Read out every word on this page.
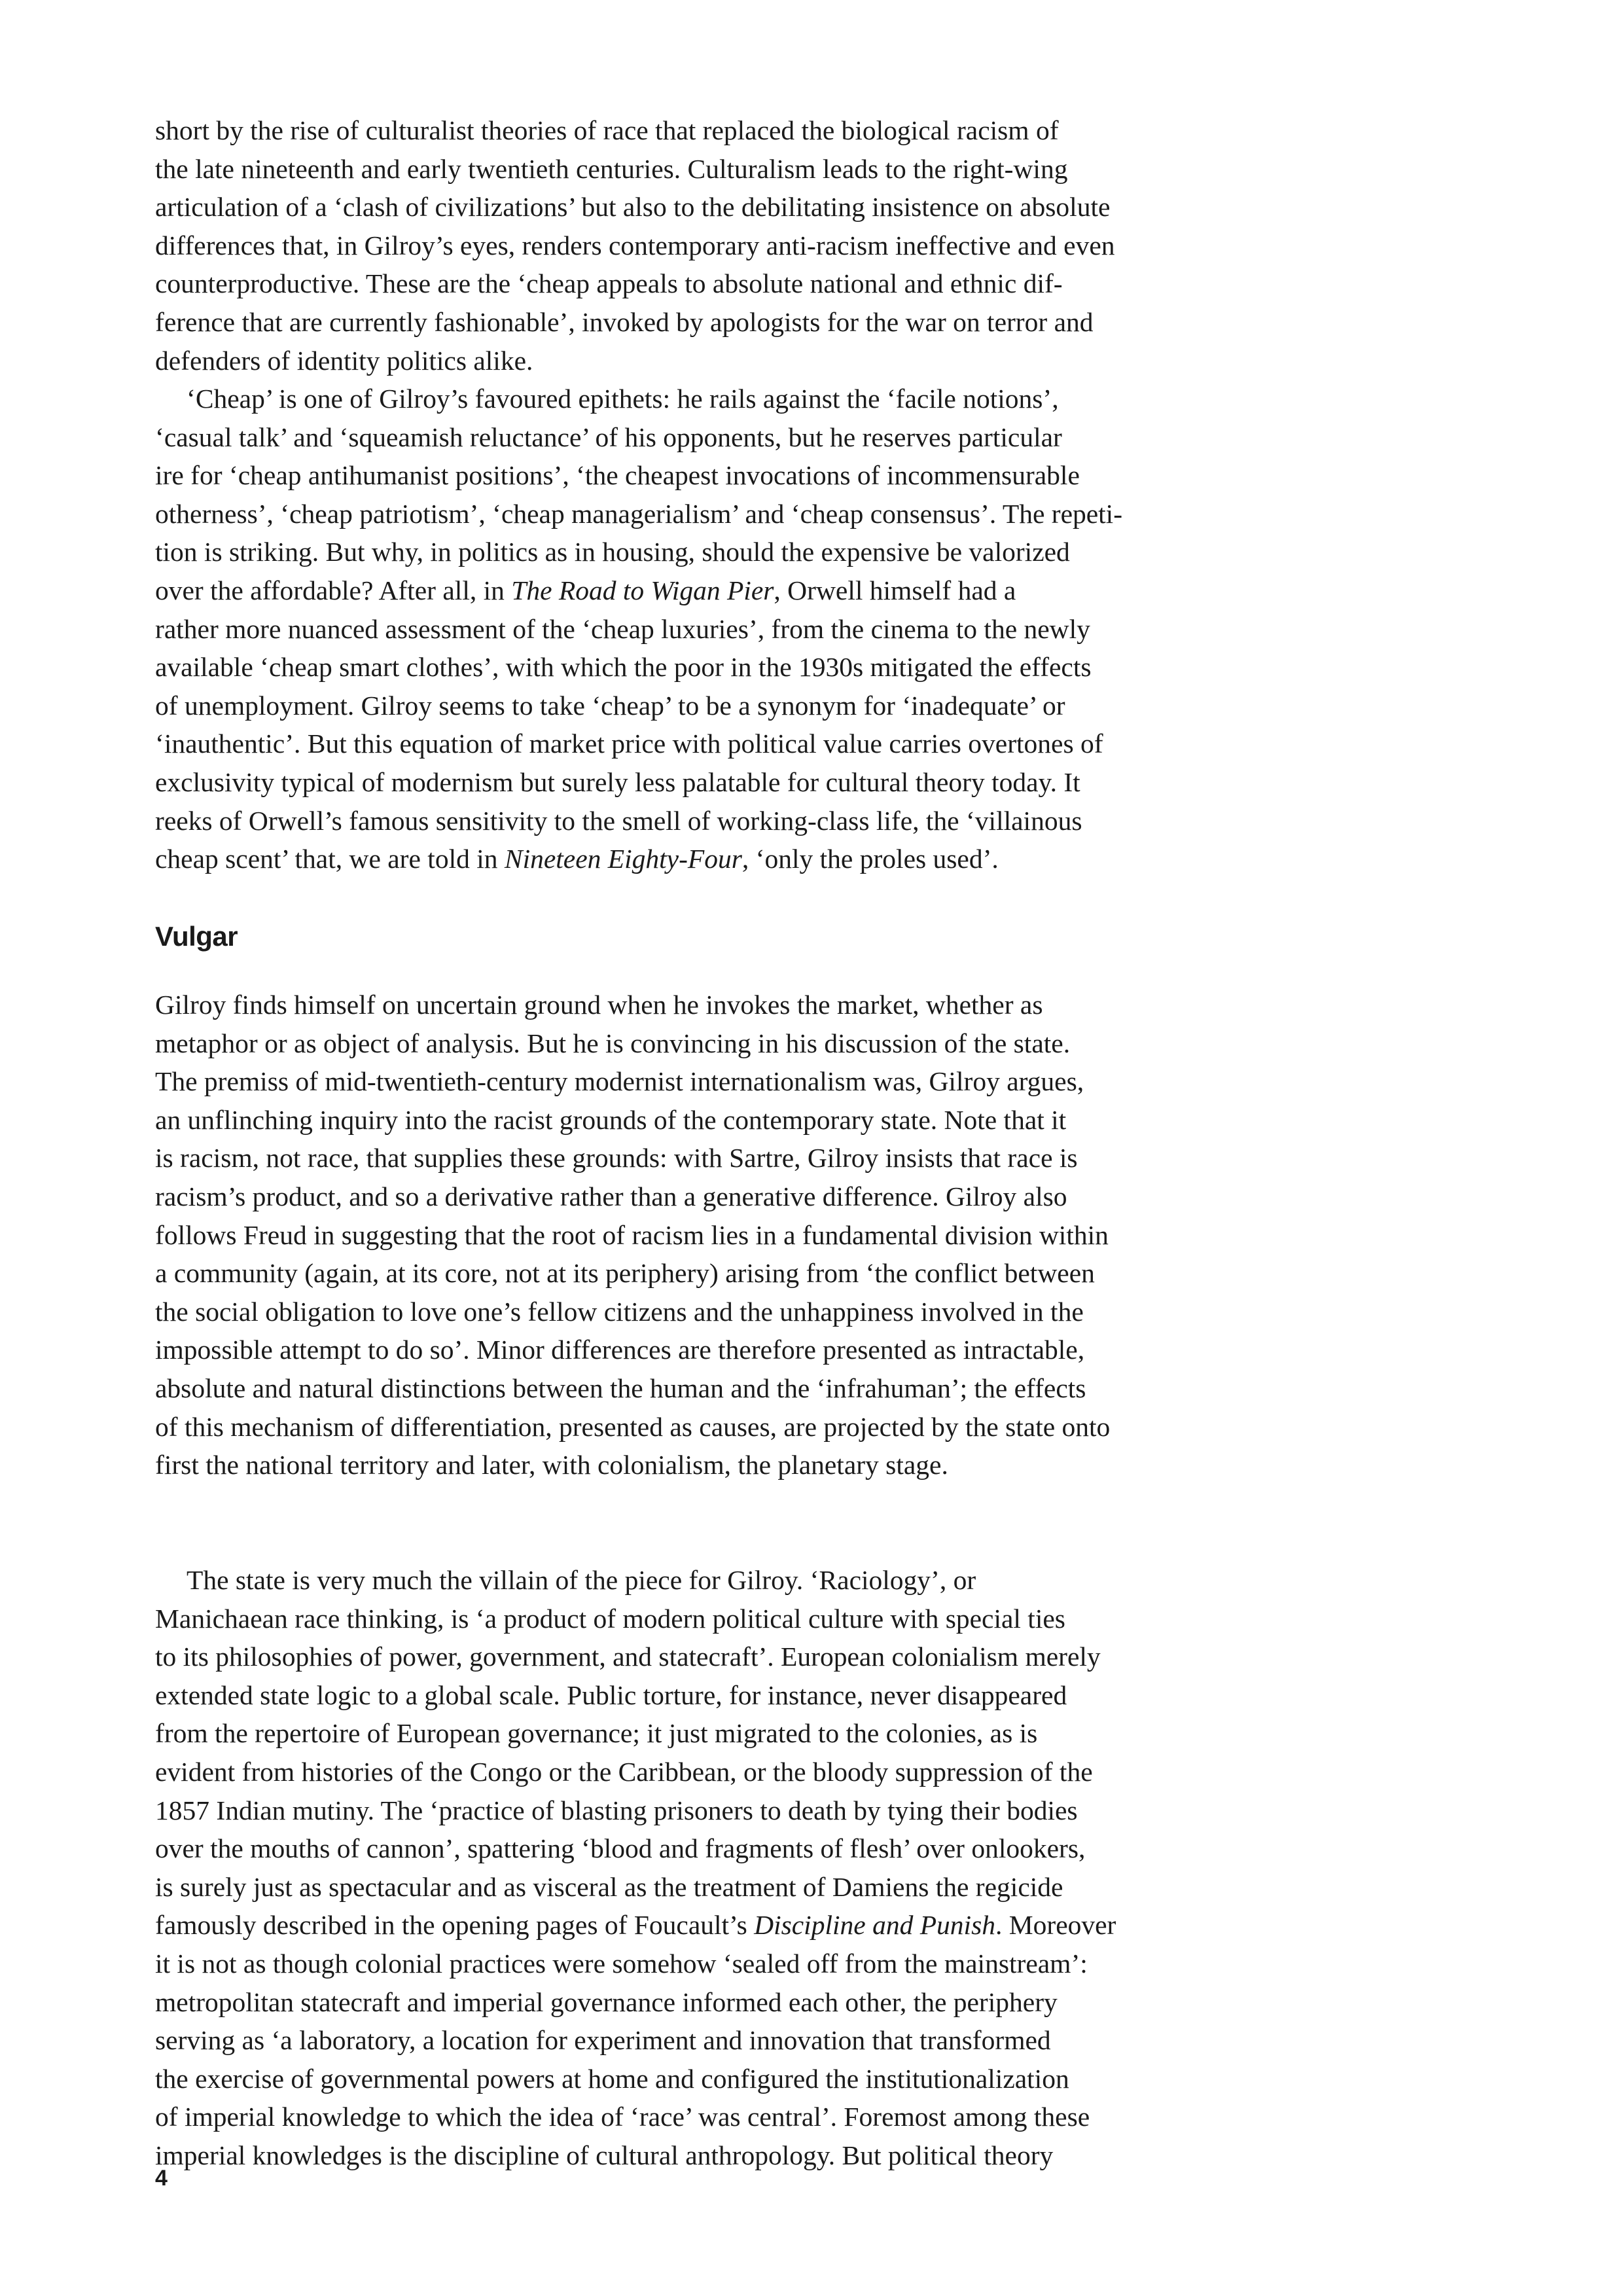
short by the rise of culturalist theories of race that replaced the biological racism of
the late nineteenth and early twentieth centuries. Culturalism leads to the right-wing
articulation of a ‘clash of civilizations’ but also to the debilitating insistence on absolute
differences that, in Gilroy’s eyes, renders contemporary anti-racism ineffective and even
counterproductive. These are the ‘cheap appeals to absolute national and ethnic dif-
ference that are currently fashionable’, invoked by apologists for the war on terror and
defenders of identity politics alike.
‘Cheap’ is one of Gilroy’s favoured epithets: he rails against the ‘facile notions’,
‘casual talk’ and ‘squeamish reluctance’ of his opponents, but he reserves particular
ire for ‘cheap antihumanist positions’, ‘the cheapest invocations of incommensurable
otherness’, ‘cheap patriotism’, ‘cheap managerialism’ and ‘cheap consensus’. The repeti-
tion is striking. But why, in politics as in housing, should the expensive be valorized
over the affordable? After all, in The Road to Wigan Pier, Orwell himself had a
rather more nuanced assessment of the ‘cheap luxuries’, from the cinema to the newly
available ‘cheap smart clothes’, with which the poor in the 1930s mitigated the effects
of unemployment. Gilroy seems to take ‘cheap’ to be a synonym for ‘inadequate’ or
‘inauthentic’. But this equation of market price with political value carries overtones of
exclusivity typical of modernism but surely less palatable for cultural theory today. It
reeks of Orwell’s famous sensitivity to the smell of working-class life, the ‘villainous
cheap scent’ that, we are told in Nineteen Eighty-Four, ‘only the proles used’.
Vulgar
Gilroy finds himself on uncertain ground when he invokes the market, whether as
metaphor or as object of analysis. But he is convincing in his discussion of the state.
The premiss of mid-twentieth-century modernist internationalism was, Gilroy argues,
an unflinching inquiry into the racist grounds of the contemporary state. Note that it
is racism, not race, that supplies these grounds: with Sartre, Gilroy insists that race is
racism’s product, and so a derivative rather than a generative difference. Gilroy also
follows Freud in suggesting that the root of racism lies in a fundamental division within
a community (again, at its core, not at its periphery) arising from ‘the conflict between
the social obligation to love one’s fellow citizens and the unhappiness involved in the
impossible attempt to do so’. Minor differences are therefore presented as intractable,
absolute and natural distinctions between the human and the ‘infrahuman’; the effects
of this mechanism of differentiation, presented as causes, are projected by the state onto
first the national territory and later, with colonialism, the planetary stage.
The state is very much the villain of the piece for Gilroy. ‘Raciology’, or
Manichaean race thinking, is ‘a product of modern political culture with special ties
to its philosophies of power, government, and statecraft’. European colonialism merely
extended state logic to a global scale. Public torture, for instance, never disappeared
from the repertoire of European governance; it just migrated to the colonies, as is
evident from histories of the Congo or the Caribbean, or the bloody suppression of the
1857 Indian mutiny. The ‘practice of blasting prisoners to death by tying their bodies
over the mouths of cannon’, spattering ‘blood and fragments of flesh’ over onlookers,
is surely just as spectacular and as visceral as the treatment of Damiens the regicide
famously described in the opening pages of Foucault’s Discipline and Punish. Moreover
it is not as though colonial practices were somehow ‘sealed off from the mainstream’:
metropolitan statecraft and imperial governance informed each other, the periphery
serving as ‘a laboratory, a location for experiment and innovation that transformed
the exercise of governmental powers at home and configured the institutionalization
of imperial knowledge to which the idea of ‘race’ was central’. Foremost among these
imperial knowledges is the discipline of cultural anthropology. But political theory

4
